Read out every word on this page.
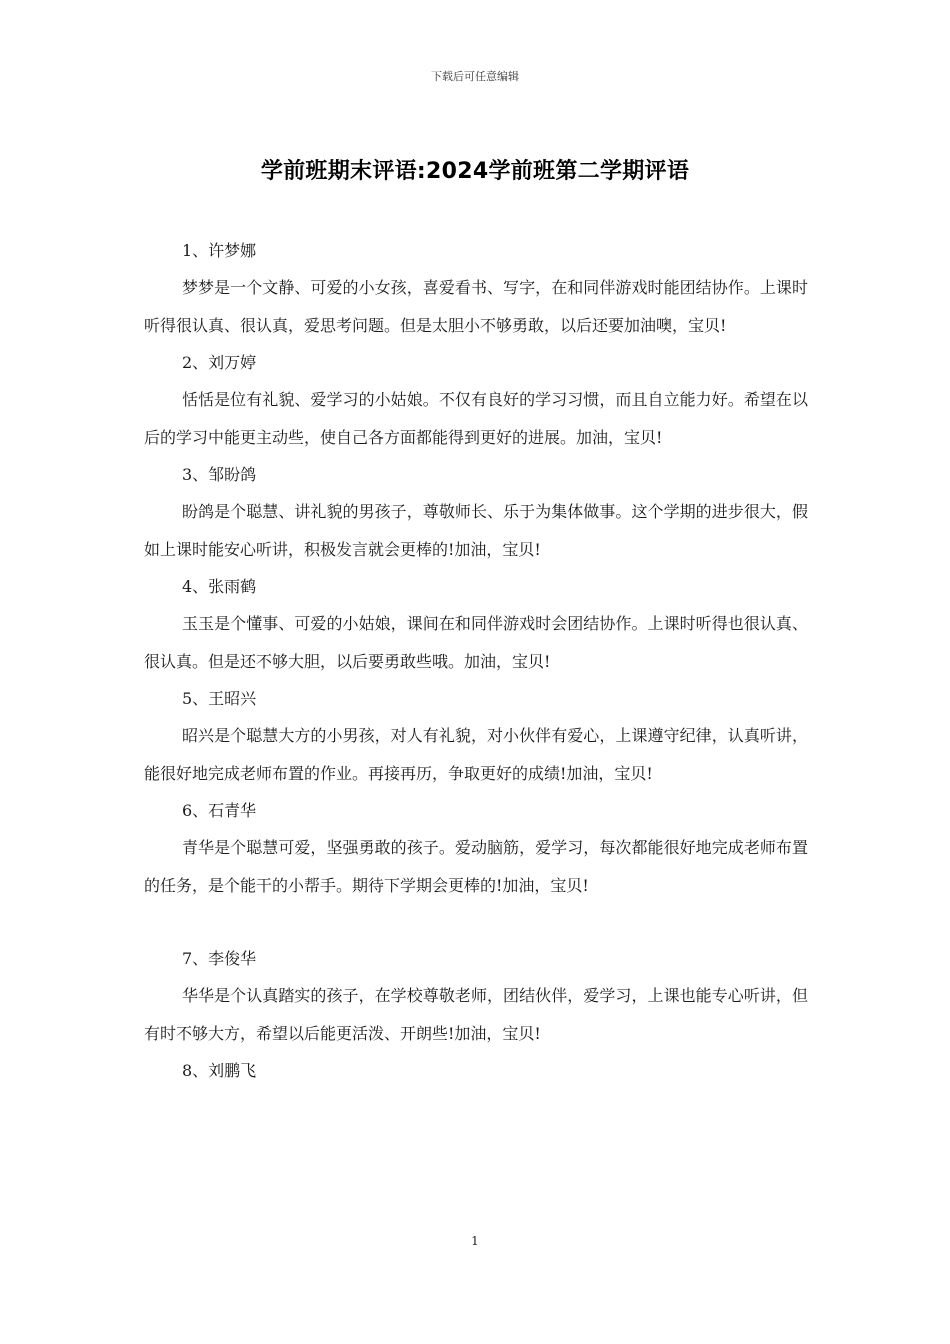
下载后可任意编辑
学前班期末评语:2024学前班第二学期评语

1、许梦娜

梦梦是一个文静、可爱的小女孩，喜爱看书、写字，在和同伴游戏时能团结协作。上课时听得很认真、很认真，爱思考问题。但是太胆小不够勇敢，以后还要加油噢，宝贝!

2、刘万婷

恬恬是位有礼貌、爱学习的小姑娘。不仅有良好的学习习惯，而且自立能力好。希望在以后的学习中能更主动些，使自己各方面都能得到更好的进展。加油，宝贝!

3、邹盼鸽

盼鸽是个聪慧、讲礼貌的男孩子，尊敬师长、乐于为集体做事。这个学期的进步很大，假如上课时能安心听讲，积极发言就会更棒的!加油，宝贝!

4、张雨鹤

玉玉是个懂事、可爱的小姑娘，课间在和同伴游戏时会团结协作。上课时听得也很认真、很认真。但是还不够大胆，以后要勇敢些哦。加油，宝贝!

5、王昭兴

昭兴是个聪慧大方的小男孩，对人有礼貌，对小伙伴有爱心，上课遵守纪律，认真听讲，能很好地完成老师布置的作业。再接再历，争取更好的成绩!加油，宝贝!

6、石青华

青华是个聪慧可爱，坚强勇敢的孩子。爱动脑筋，爱学习，每次都能很好地完成老师布置的任务，是个能干的小帮手。期待下学期会更棒的!加油，宝贝!

7、李俊华

华华是个认真踏实的孩子，在学校尊敬老师，团结伙伴，爱学习，上课也能专心听讲，但有时不够大方，希望以后能更活泼、开朗些!加油，宝贝!

8、刘鹏飞

1
